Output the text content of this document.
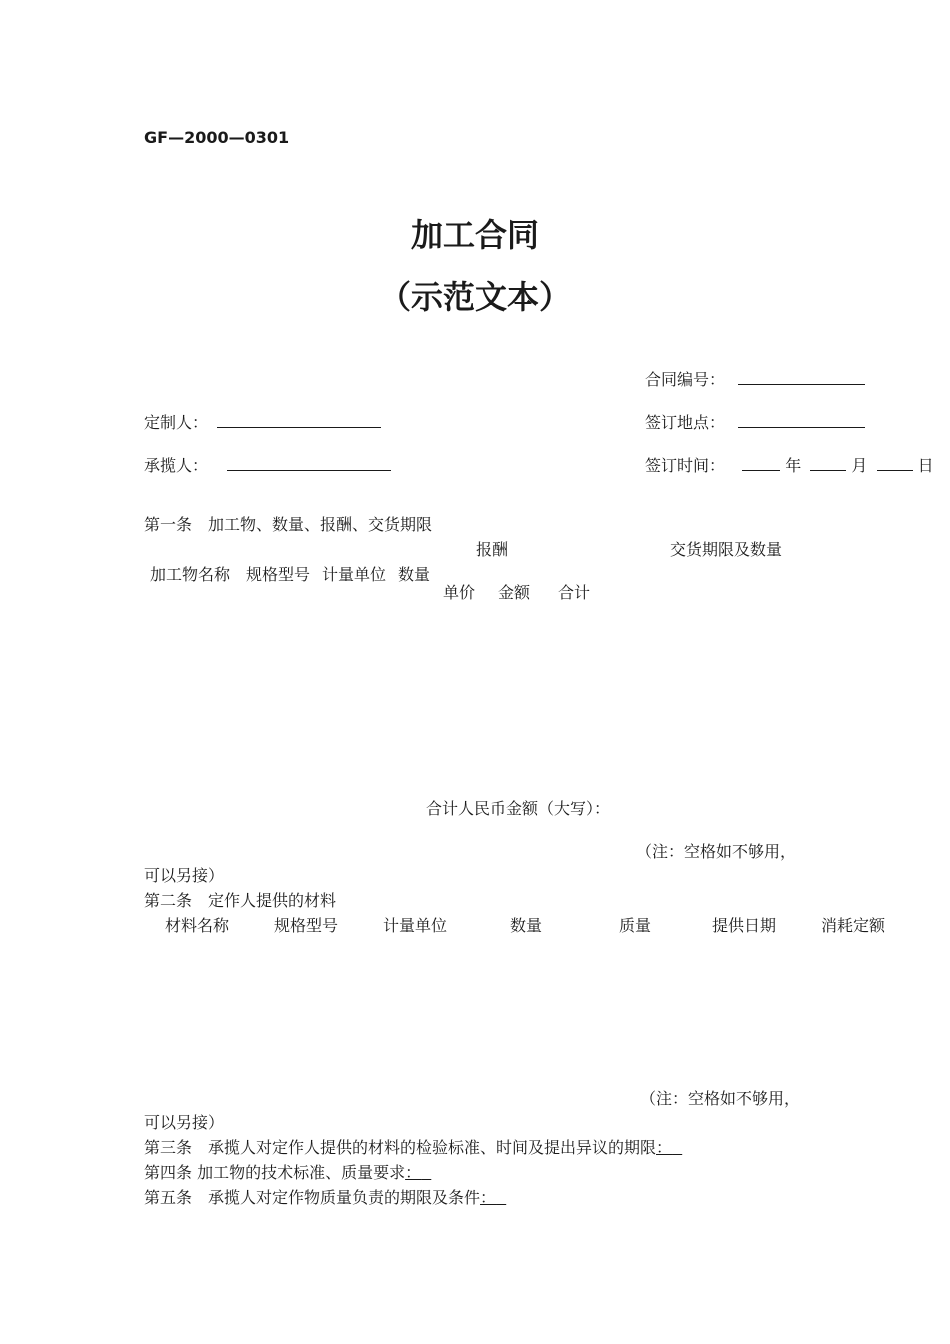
GF—2000—0301
加工合同
（示范文本）
合同编号：
定制人：	签订地点：
承揽人：	签订时间：	年	月	日
第一条　加工物、数量、报酬、交货期限
报酬	交货期限及数量
加工物名称 规格型号 计量单位 数量
单价 金额 合计
合计人民币金额（大写）：
（注：空格如不够用，
可以另接）
第二条　定作人提供的材料
材料名称	规格型号	计量单位	数量	质量	提供日期	消耗定额
（注：空格如不够用，
可以另接）
第三条　承揽人对定作人提供的材料的检验标准、时间及提出异议的期限：
第四条 加工物的技术标准、质量要求：
第五条　承揽人对定作物质量负责的期限及条件：
